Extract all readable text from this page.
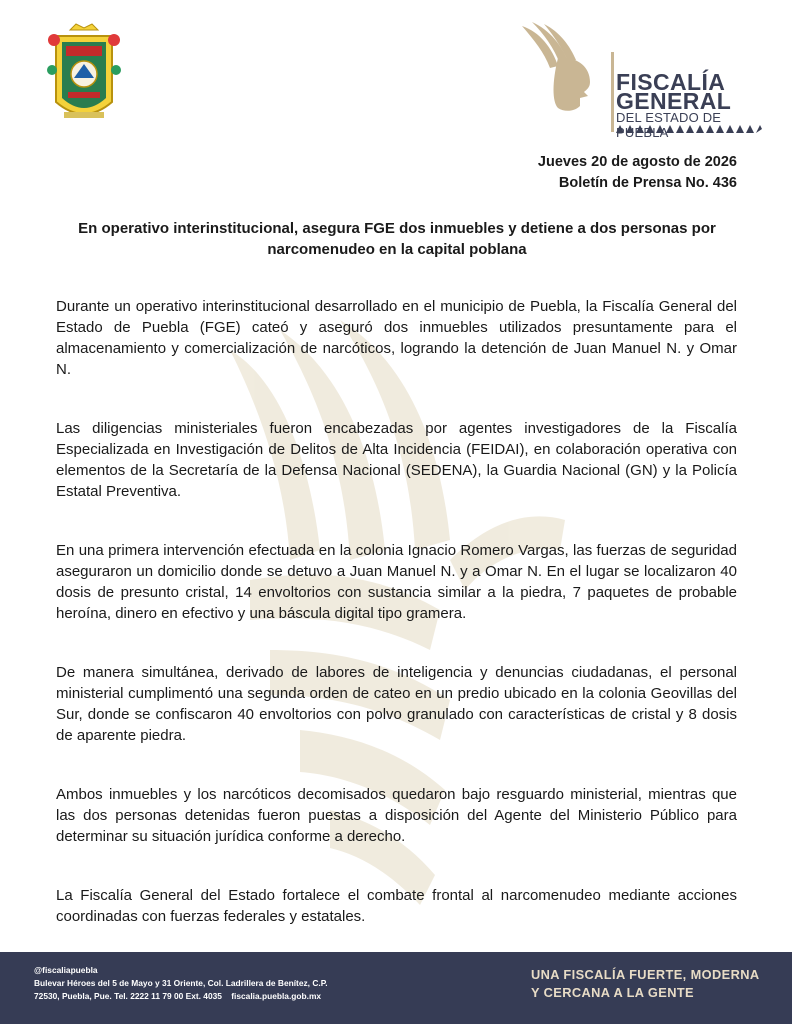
FISCALÍA
GENERAL
DEL ESTADO DE
Jueves 20 de agosto de 2026
Boletín de Prensa No. 436
En operativo interinstitucional, asegura FGE dos inmuebles y detiene a dos personas por narcomenudeo en la capital poblana

Durante un operativo interinstitucional desarrollado en el municipio de Puebla, la Fiscalía General del Estado de Puebla (FGE) cateó y aseguró dos inmuebles utilizados presuntamente para el almacenamiento y comercialización de narcóticos, logrando la detención de Juan Manuel N. y Omar N.

Las diligencias ministeriales fueron encabezadas por agentes investigadores de la Fiscalía Especializada en Investigación de Delitos de Alta Incidencia (FEIDAI), en colaboración operativa con elementos de la Secretaría de la Defensa Nacional (SEDENA), la Guardia Nacional (GN) y la Policía Estatal Preventiva.

En una primera intervención efectuada en la colonia Ignacio Romero Vargas, las fuerzas de seguridad aseguraron un domicilio donde se detuvo a Juan Manuel N. y a Omar N. En el lugar se localizaron 40 dosis de presunto cristal, 14 envoltorios con sustancia similar a la piedra, 7 paquetes de probable heroína, dinero en efectivo y una báscula digital tipo gramera.

De manera simultánea, derivado de labores de inteligencia y denuncias ciudadanas, el personal ministerial cumplimentó una segunda orden de cateo en un predio ubicado en la colonia Geovillas del Sur, donde se confiscaron 40 envoltorios con polvo granulado con características de cristal y 8 dosis de aparente piedra.

Ambos inmuebles y los narcóticos decomisados quedaron bajo resguardo ministerial, mientras que las dos personas detenidas fueron puestas a disposición del Agente del Ministerio Público para determinar su situación jurídica conforme a derecho.

La Fiscalía General del Estado fortalece el combate frontal al narcomenudeo mediante acciones coordinadas con fuerzas federales y estatales.

@fiscaliapuebla
Bulevar Héroes del 5 de Mayo y 31 Oriente, Col. Ladrillera de Benítez, C.P.
72530, Puebla, Pue. Tel. 2222 11 79 00 Ext. 4035    fiscalia.puebla.gob.mx
UNA FISCALÍA FUERTE, MODERNA
Y CERCANA A LA GENTE
